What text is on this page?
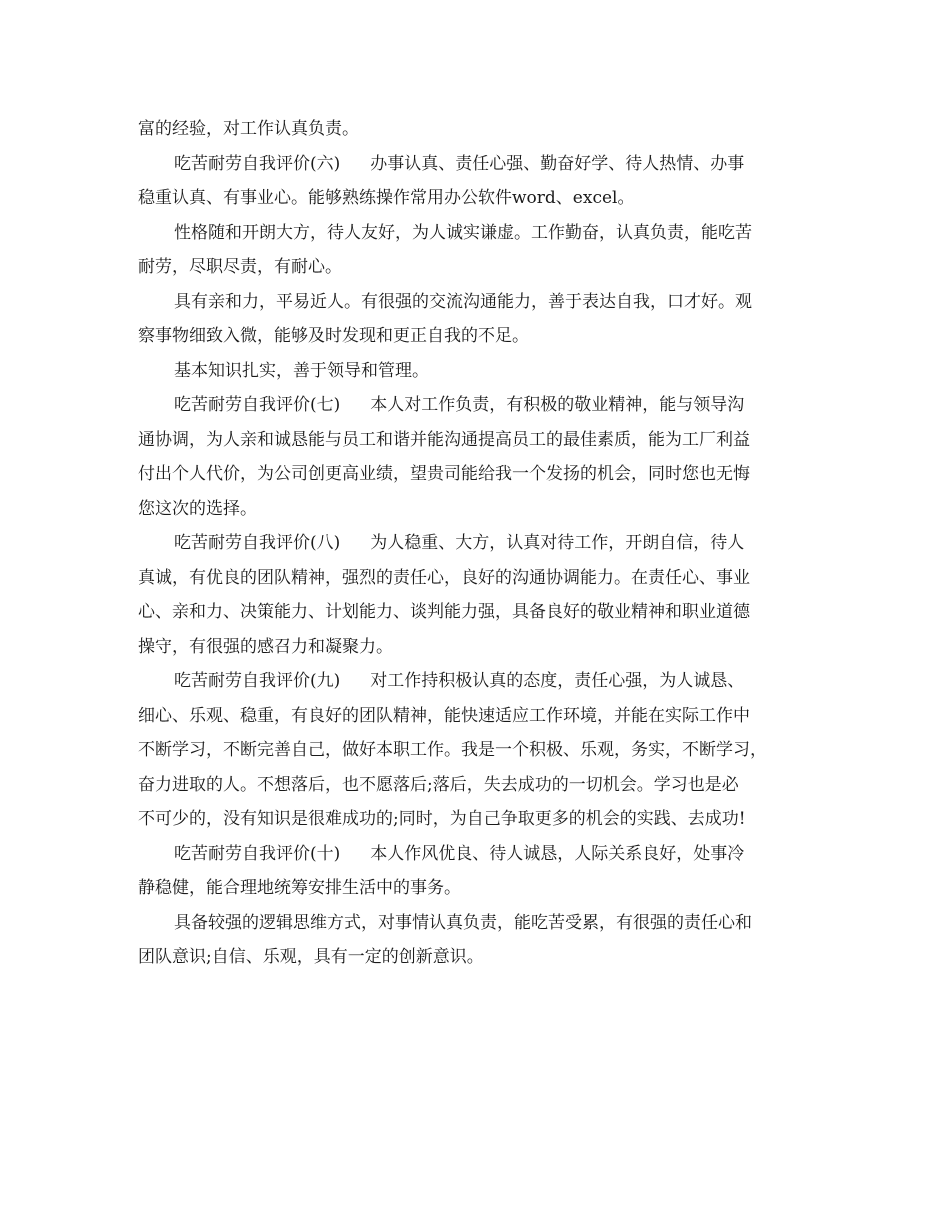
富的经验，对工作认真负责。
吃苦耐劳自我评价(六) 办事认真、责任心强、勤奋好学、待人热情、办事
稳重认真、有事业心。能够熟练操作常用办公软件word、excel。
性格随和开朗大方，待人友好，为人诚实谦虚。工作勤奋，认真负责，能吃苦
耐劳，尽职尽责，有耐心。
具有亲和力，平易近人。有很强的交流沟通能力，善于表达自我，口才好。观
察事物细致入微，能够及时发现和更正自我的不足。
基本知识扎实，善于领导和管理。
吃苦耐劳自我评价(七) 本人对工作负责，有积极的敬业精神，能与领导沟
通协调，为人亲和诚恳能与员工和谐并能沟通提高员工的最佳素质，能为工厂利益
付出个人代价，为公司创更高业绩，望贵司能给我一个发扬的机会，同时您也无悔
您这次的选择。
吃苦耐劳自我评价(八) 为人稳重、大方，认真对待工作，开朗自信，待人
真诚，有优良的团队精神，强烈的责任心，良好的沟通协调能力。在责任心、事业
心、亲和力、决策能力、计划能力、谈判能力强，具备良好的敬业精神和职业道德
操守，有很强的感召力和凝聚力。
吃苦耐劳自我评价(九) 对工作持积极认真的态度，责任心强，为人诚恳、
细心、乐观、稳重，有良好的团队精神，能快速适应工作环境，并能在实际工作中
不断学习，不断完善自己，做好本职工作。我是一个积极、乐观，务实，不断学习，
奋力进取的人。不想落后，也不愿落后;落后，失去成功的一切机会。学习也是必
不可少的，没有知识是很难成功的;同时，为自己争取更多的机会的实践、去成功!
吃苦耐劳自我评价(十) 本人作风优良、待人诚恳，人际关系良好，处事冷
静稳健，能合理地统筹安排生活中的事务。
具备较强的逻辑思维方式，对事情认真负责，能吃苦受累，有很强的责任心和
团队意识;自信、乐观，具有一定的创新意识。
